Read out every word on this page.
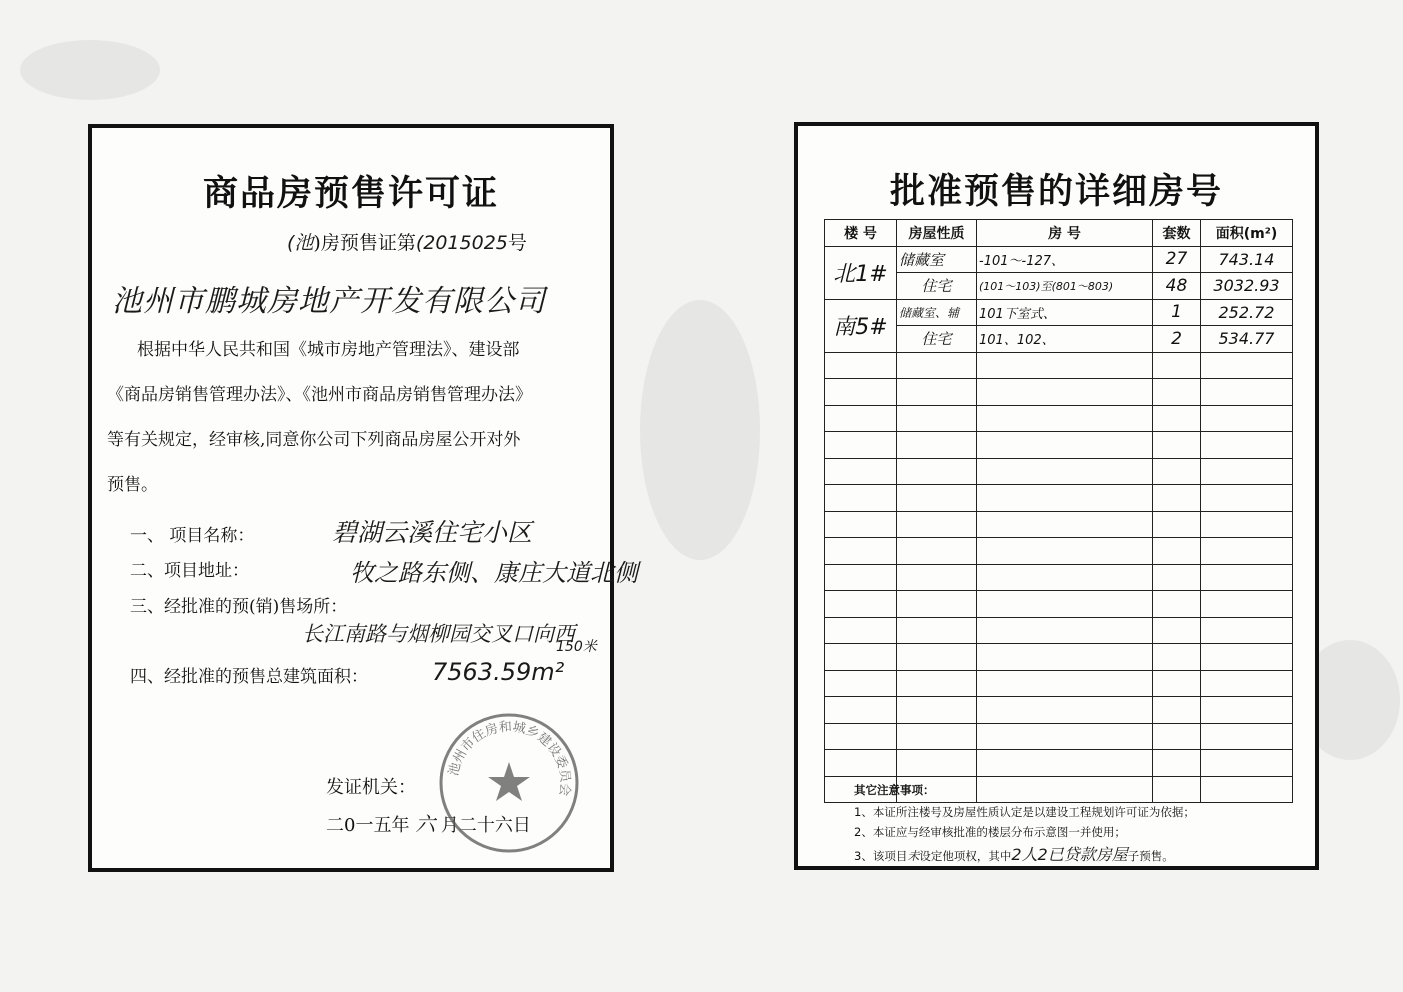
商品房预售许可证
(池)房预售证第(2015025号
池州市鹏城房地产开发有限公司
根据中华人民共和国《城市房地产管理法》、建设部
《商品房销售管理办法》、《池州市商品房销售管理办法》
等有关规定，经审核,同意你公司下列商品房屋公开对外
预售。
一、 项目名称：	碧湖云溪住宅小区
二、项目地址：	牧之路东侧、康庄大道北侧
三、经批准的预(销)售场所：
长江南路与烟柳园交叉口向西
150米
四、经批准的预售总建筑面积：	7563.59m²
发证机关：
二0一五年 六 月二十六日
池州市住房和城乡建设委员会
批准预售的详细房号
楼 号	房屋性质	房 号	套数	面积(m²)
北1#	储藏室	-101～-127、	27	743.14
	住宅	(101～103)至(801～803)	48	3032.93
南5#	储藏室、辅	101下室式、	1	252.72
	住宅	101、102、	2	534.77

其它注意事项：
1、本证所注楼号及房屋性质认定是以建设工程规划许可证为依据；
2、本证应与经审核批准的楼层分布示意图一并使用；
3、该项目未设定他项权，其中2人2已贷款房屋子预售。
